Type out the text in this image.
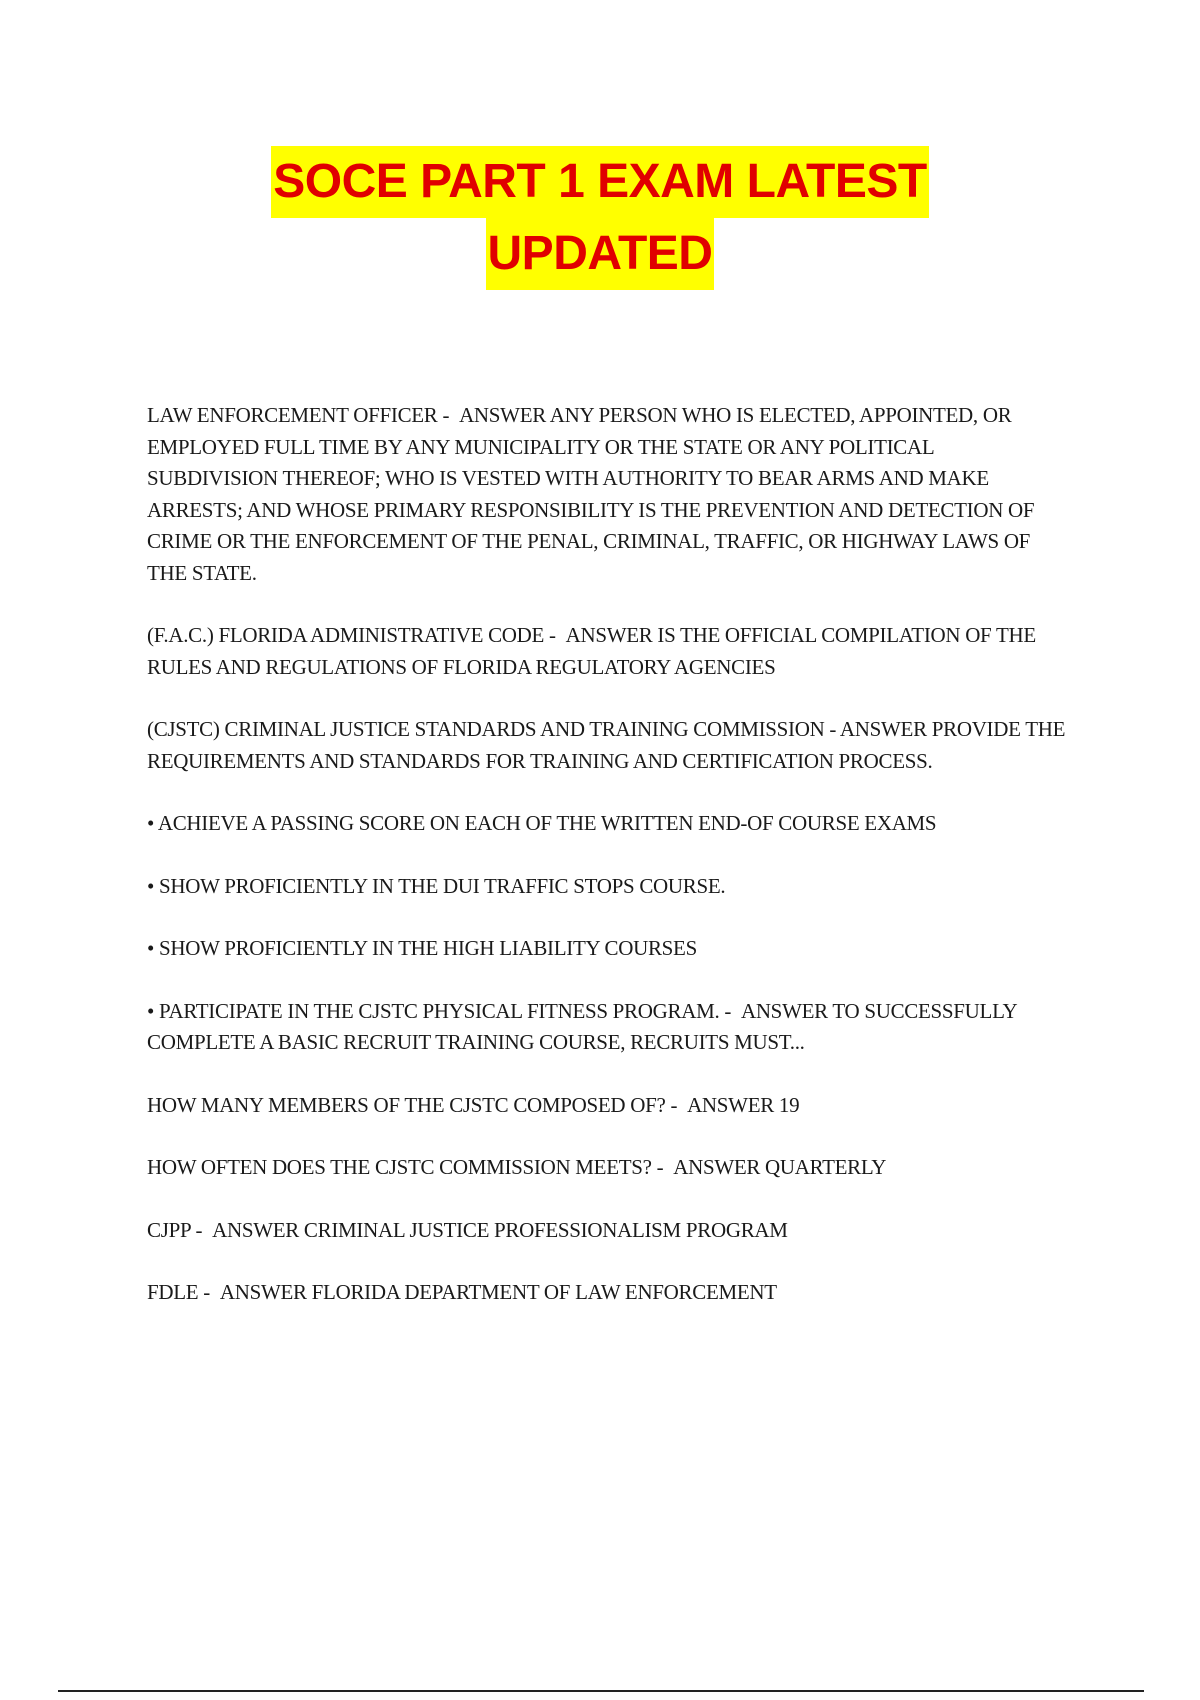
SOCE PART 1 EXAM LATEST
UPDATED
LAW ENFORCEMENT OFFICER - ANSWER ANY PERSON WHO IS ELECTED, APPOINTED, OR EMPLOYED FULL TIME BY ANY MUNICIPALITY OR THE STATE OR ANY POLITICAL SUBDIVISION THEREOF; WHO IS VESTED WITH AUTHORITY TO BEAR ARMS AND MAKE ARRESTS; AND WHOSE PRIMARY RESPONSIBILITY IS THE PREVENTION AND DETECTION OF CRIME OR THE ENFORCEMENT OF THE PENAL, CRIMINAL, TRAFFIC, OR HIGHWAY LAWS OF THE STATE.
(F.A.C.) FLORIDA ADMINISTRATIVE CODE - ANSWER IS THE OFFICIAL COMPILATION OF THE RULES AND REGULATIONS OF FLORIDA REGULATORY AGENCIES
(CJSTC) CRIMINAL JUSTICE STANDARDS AND TRAINING COMMISSION - ANSWER PROVIDE THE REQUIREMENTS AND STANDARDS FOR TRAINING AND CERTIFICATION PROCESS.
• ACHIEVE A PASSING SCORE ON EACH OF THE WRITTEN END-OF COURSE EXAMS
• SHOW PROFICIENTLY IN THE DUI TRAFFIC STOPS COURSE.
• SHOW PROFICIENTLY IN THE HIGH LIABILITY COURSES
• PARTICIPATE IN THE CJSTC PHYSICAL FITNESS PROGRAM. - ANSWER TO SUCCESSFULLY COMPLETE A BASIC RECRUIT TRAINING COURSE, RECRUITS MUST...
HOW MANY MEMBERS OF THE CJSTC COMPOSED OF? - ANSWER 19
HOW OFTEN DOES THE CJSTC COMMISSION MEETS? - ANSWER QUARTERLY
CJPP - ANSWER CRIMINAL JUSTICE PROFESSIONALISM PROGRAM
FDLE - ANSWER FLORIDA DEPARTMENT OF LAW ENFORCEMENT
